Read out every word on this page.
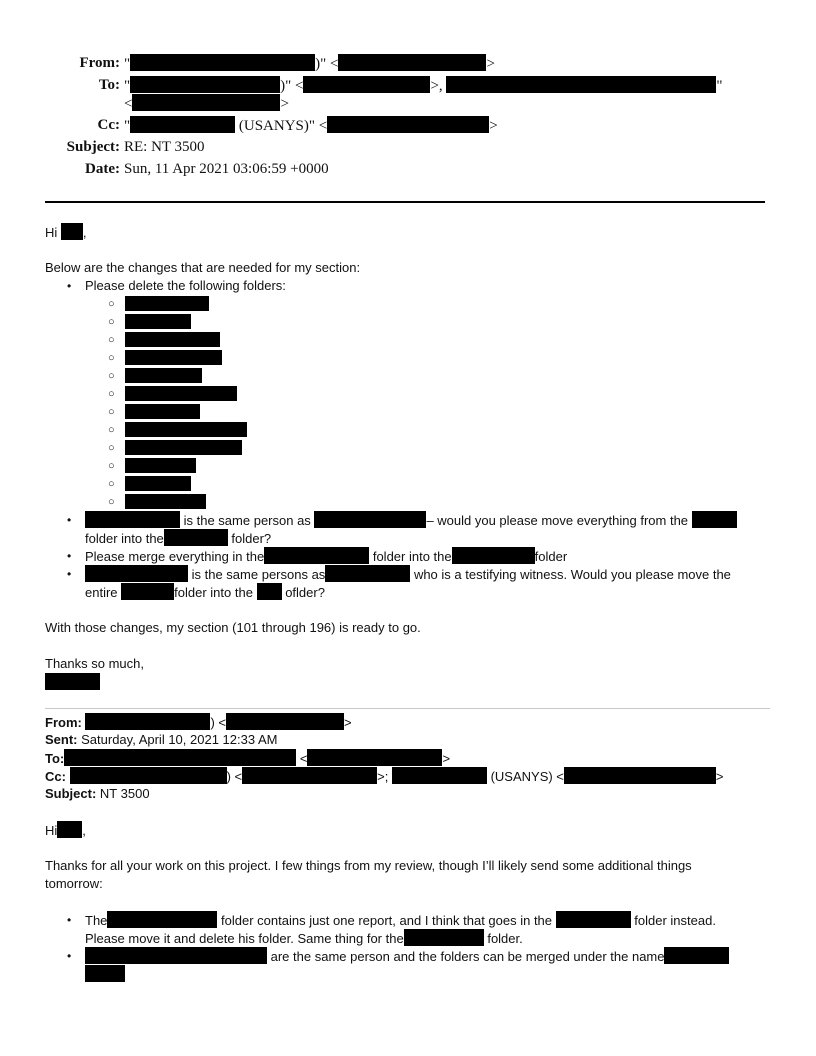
From: "	)" <	>
To: "	)" <	>,	"
<	>
Cc: "	(USANYS)" <	>
Subject: RE: NT 3500
Date: Sun, 11 Apr 2021 03:06:59 +0000
Hi ,
Below are the changes that are needed for my section:
• Please delete the following folders:
○
○
○
○
○
○
○
○
○
○
○
○
•	is the same person as	– would you please move everything from the
folder into the	folder?
• Please merge everything in the	folder into the	folder
•	is the same persons as	who is a testifying witness. Would you please move the
entire	folder into the oflder?
With those changes, my section (101 through 196) is ready to go.
Thanks so much,
From:	) <	>
Sent: Saturday, April 10, 2021 12:33 AM
To:	<	>
Cc:	) <	>;	(USANYS) <	>
Subject: NT 3500
Hi ,
Thanks for all your work on this project. I few things from my review, though I’ll likely send some additional things
tomorrow:
• The	folder contains just one report, and I think that goes in the	folder instead.
Please move it and delete his folder. Same thing for the	folder.
•	are the same person and the folders can be merged under the name
